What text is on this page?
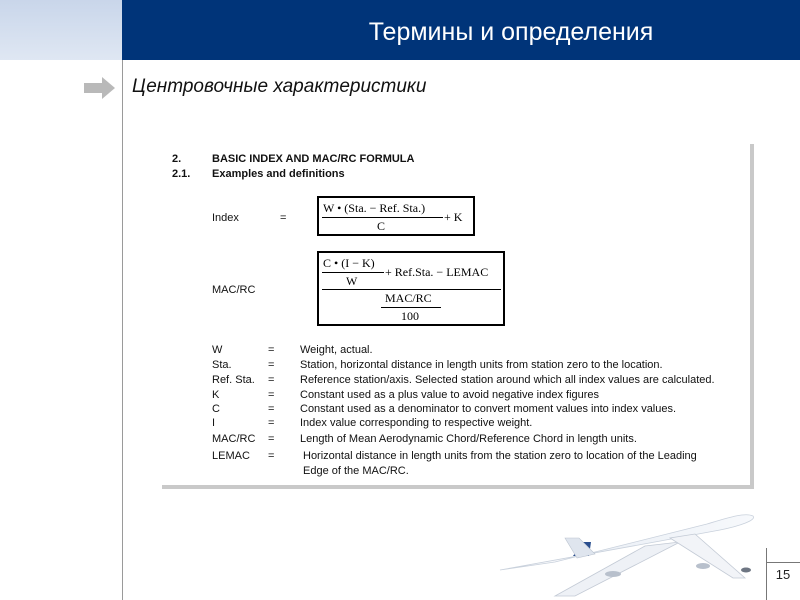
Термины и определения
Центровочные характеристики
2.	BASIC INDEX AND MAC/RC FORMULA
2.1. Examples and definitions
Index	=
W • (Sta. − Ref. Sta.)
C
+ K
MAC/RC
C • (I − K)
W
+ Ref.Sta. − LEMAC
MAC/RC
100
W	= Weight, actual.
Sta.	= Station, horizontal distance in length units from station zero to the location.
Ref. Sta. = Reference station/axis. Selected station around which all index values are calculated.
K	= Constant used as a plus value to avoid negative index figures
C	= Constant used as a denominator to convert moment values into index values.
I	= Index value corresponding to respective weight.
MAC/RC = Length of Mean Aerodynamic Chord/Reference Chord in length units.
LEMAC =	Horizontal distance in length units from the station zero to location of the Leading
Edge of the MAC/RC.
15
